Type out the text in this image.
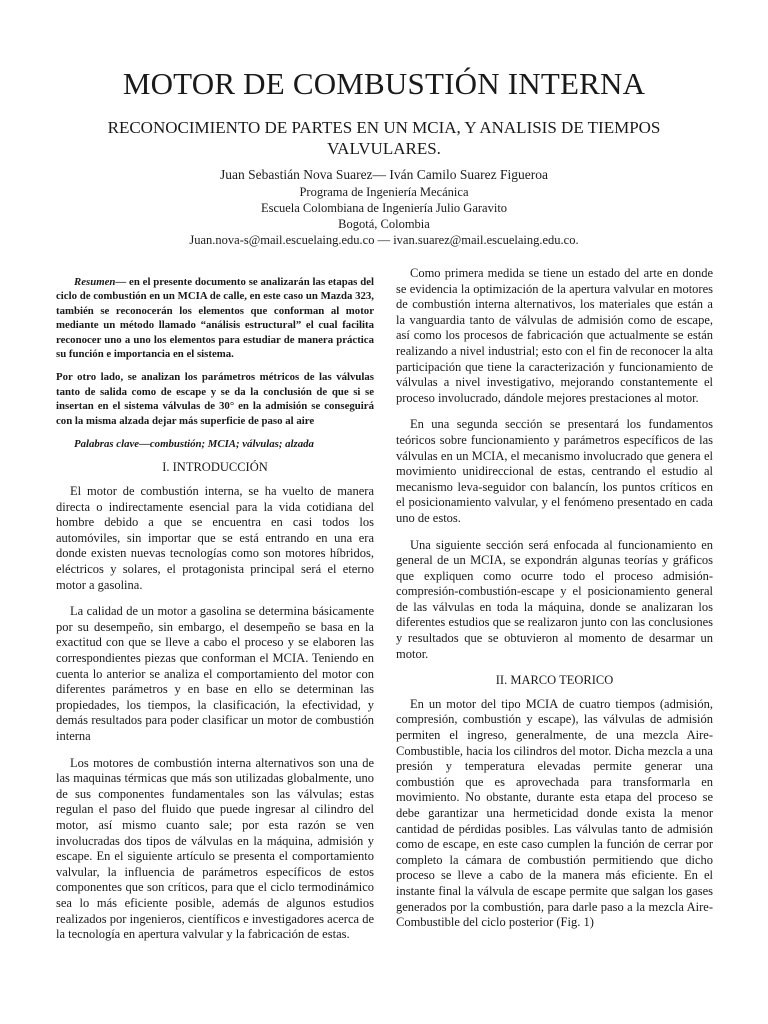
MOTOR DE COMBUSTIÓN INTERNA
RECONOCIMIENTO DE PARTES EN UN MCIA, Y ANALISIS DE TIEMPOS VALVULARES.
Juan Sebastián Nova Suarez— Iván Camilo Suarez Figueroa
Programa de Ingeniería Mecánica
Escuela Colombiana de Ingeniería Julio Garavito
Bogotá, Colombia
Juan.nova-s@mail.escuelaing.edu.co — ivan.suarez@mail.escuelaing.edu.co.

Resumen— en el presente documento se analizarán las etapas del ciclo de combustión en un MCIA de calle, en este caso un Mazda 323, también se reconocerán los elementos que conforman al motor mediante un método llamado “análisis estructural” el cual facilita reconocer uno a uno los elementos para estudiar de manera práctica su función e importancia en el sistema.

Por otro lado, se analizan los parámetros métricos de las válvulas tanto de salida como de escape y se da la conclusión de que si se insertan en el sistema válvulas de 30° en la admisión se conseguirá con la misma alzada dejar más superficie de paso al aire

Palabras clave—combustión; MCIA; válvulas; alzada

I. INTRODUCCIÓN

El motor de combustión interna, se ha vuelto de manera directa o indirectamente esencial para la vida cotidiana del hombre debido a que se encuentra en casi todos los automóviles, sin importar que se está entrando en una era donde existen nuevas tecnologías como son motores híbridos, eléctricos y solares, el protagonista principal será el eterno motor a gasolina.

La calidad de un motor a gasolina se determina básicamente por su desempeño, sin embargo, el desempeño se basa en la exactitud con que se lleve a cabo el proceso y se elaboren las correspondientes piezas que conforman el MCIA. Teniendo en cuenta lo anterior se analiza el comportamiento del motor con diferentes parámetros y en base en ello se determinan las propiedades, los tiempos, la clasificación, la efectividad, y demás resultados para poder clasificar un motor de combustión interna

Los motores de combustión interna alternativos son una de las maquinas térmicas que más son utilizadas globalmente, uno de sus componentes fundamentales son las válvulas; estas regulan el paso del fluido que puede ingresar al cilindro del motor, así mismo cuanto sale; por esta razón se ven involucradas dos tipos de válvulas en la máquina, admisión y escape. En el siguiente artículo se presenta el comportamiento valvular, la influencia de parámetros específicos de estos componentes que son críticos, para que el ciclo termodinámico sea lo más eficiente posible, además de algunos estudios realizados por ingenieros, científicos e investigadores acerca de la tecnología en apertura valvular y la fabricación de estas.

Como primera medida se tiene un estado del arte en donde se evidencia la optimización de la apertura valvular en motores de combustión interna alternativos, los materiales que están a la vanguardia tanto de válvulas de admisión como de escape, así como los procesos de fabricación que actualmente se están realizando a nivel industrial; esto con el fin de reconocer la alta participación que tiene la caracterización y funcionamiento de válvulas a nivel investigativo, mejorando constantemente el proceso involucrado, dándole mejores prestaciones al motor.

En una segunda sección se presentará los fundamentos teóricos sobre funcionamiento y parámetros específicos de las válvulas en un MCIA, el mecanismo involucrado que genera el movimiento unidireccional de estas, centrando el estudio al mecanismo leva-seguidor con balancín, los puntos críticos en el posicionamiento valvular, y el fenómeno presentado en cada uno de estos.

Una siguiente sección será enfocada al funcionamiento en general de un MCIA, se expondrán algunas teorías y gráficos que expliquen como ocurre todo el proceso admisión-compresión-combustión-escape y el posicionamiento general de las válvulas en toda la máquina, donde se analizaran los diferentes estudios que se realizaron junto con las conclusiones y resultados que se obtuvieron al momento de desarmar un motor.

II. MARCO TEORICO

En un motor del tipo MCIA de cuatro tiempos (admisión, compresión, combustión y escape), las válvulas de admisión permiten el ingreso, generalmente, de una mezcla Aire-Combustible, hacia los cilindros del motor. Dicha mezcla a una presión y temperatura elevadas permite generar una combustión que es aprovechada para transformarla en movimiento. No obstante, durante esta etapa del proceso se debe garantizar una hermeticidad donde exista la menor cantidad de pérdidas posibles. Las válvulas tanto de admisión como de escape, en este caso cumplen la función de cerrar por completo la cámara de combustión permitiendo que dicho proceso se lleve a cabo de la manera más eficiente. En el instante final la válvula de escape permite que salgan los gases generados por la combustión, para darle paso a la mezcla Aire-Combustible del ciclo posterior (Fig. 1)
